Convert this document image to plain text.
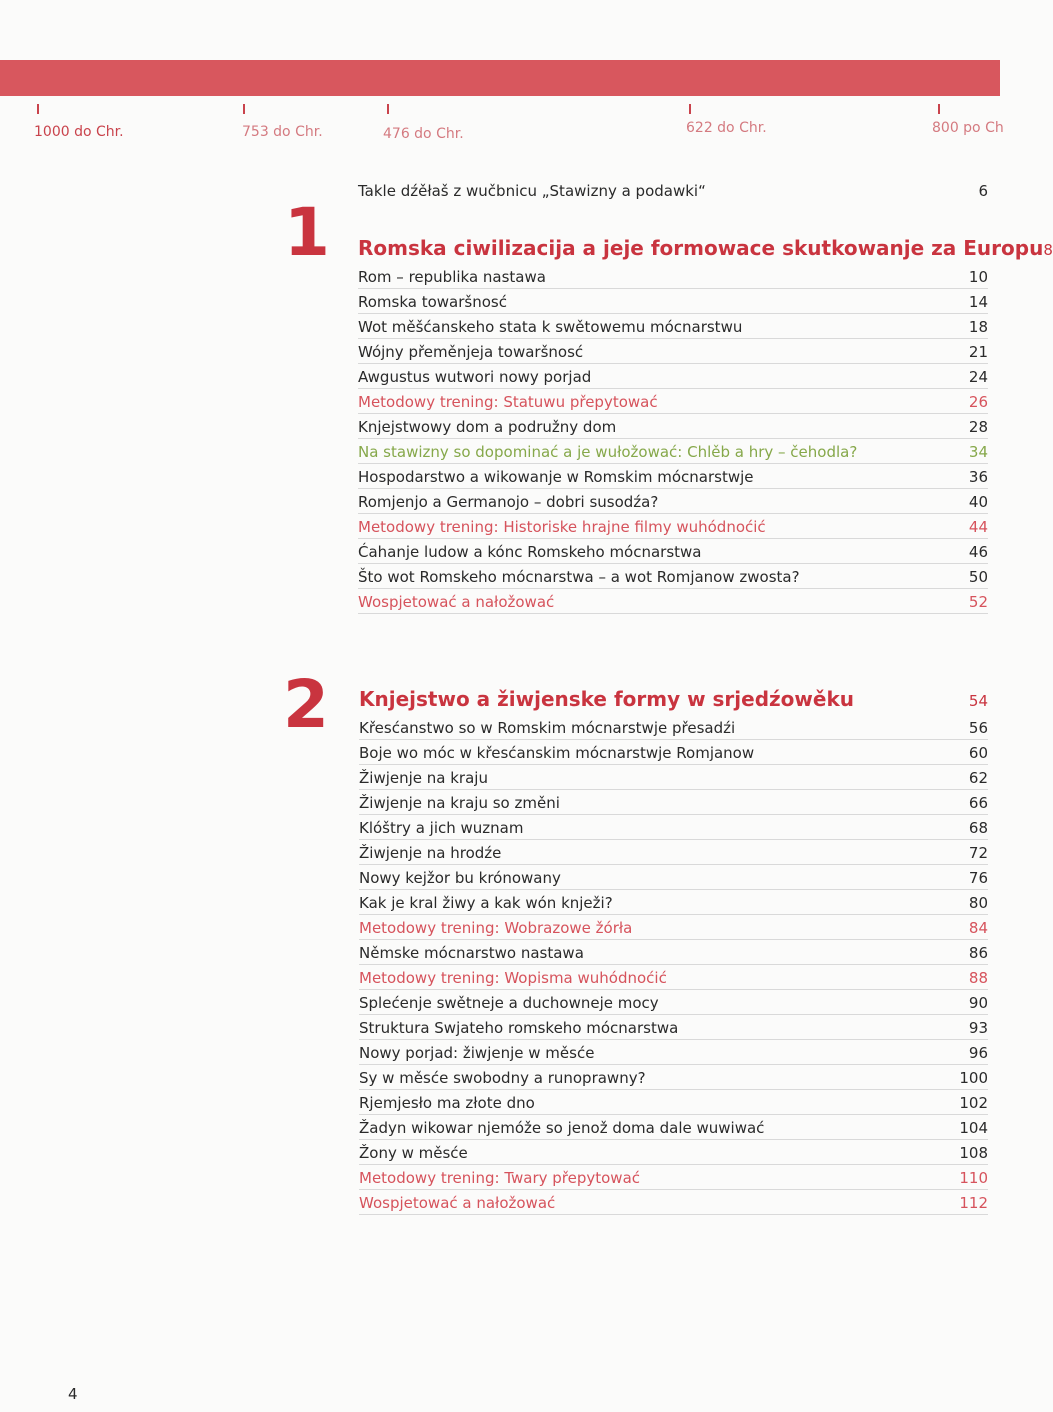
1000 do Chr.	753 do Chr.	476 do Chr.	622 do Chr.	800 po Ch
Takle dźěłaš z wučbnicu „Stawizny a podawki“	6
1 Romska ciwilizacija a jeje formowace skutkowanje za Europu 8
Rom – republika nastawa	10
Romska towaršnosć	14
Wot měšćanskeho stata k swětowemu mócnarstwu	18
Wójny přeměnjeja towaršnosć	21
Awgustus wutwori nowy porjad	24
Metodowy trening: Statuwu přepytować	26
Knjejstwowy dom a podružny dom	28
Na stawizny so dopominać a je wułožować: Chlěb a hry – čehodla?	34
Hospodarstwo a wikowanje w Romskim mócnarstwje	36
Romjenjo a Germanojo – dobri susodźa?	40
Metodowy trening: Historiske hrajne filmy wuhódnoćić	44
Ćahanje ludow a kónc Romskeho mócnarstwa	46
Što wot Romskeho mócnarstwa – a wot Romjanow zwosta?	50
Wospjetować a nałožować	52
2 Knjejstwo a žiwjenske formy w srjedźowěku	54
Křesćanstwo so w Romskim mócnarstwje přesadźi	56
Boje wo móc w křesćanskim mócnarstwje Romjanow	60
Žiwjenje na kraju	62
Žiwjenje na kraju so změni	66
Klóštry a jich wuznam	68
Žiwjenje na hrodźe	72
Nowy kejžor bu krónowany	76
Kak je kral žiwy a kak wón knježi?	80
Metodowy trening: Wobrazowe žórła	84
Němske mócnarstwo nastawa	86
Metodowy trening: Wopisma wuhódnoćić	88
Splećenje swětneje a duchowneje mocy	90
Struktura Swjateho romskeho mócnarstwa	93
Nowy porjad: žiwjenje w měsće	96
Sy w měsće swobodny a runoprawny?	100
Rjemjesło ma złote dno	102
Žadyn wikowar njemóže so jenož doma dale wuwiwać	104
Žony w měsće	108
Metodowy trening: Twary přepytować	110
Wospjetować a nałožować	112
4
